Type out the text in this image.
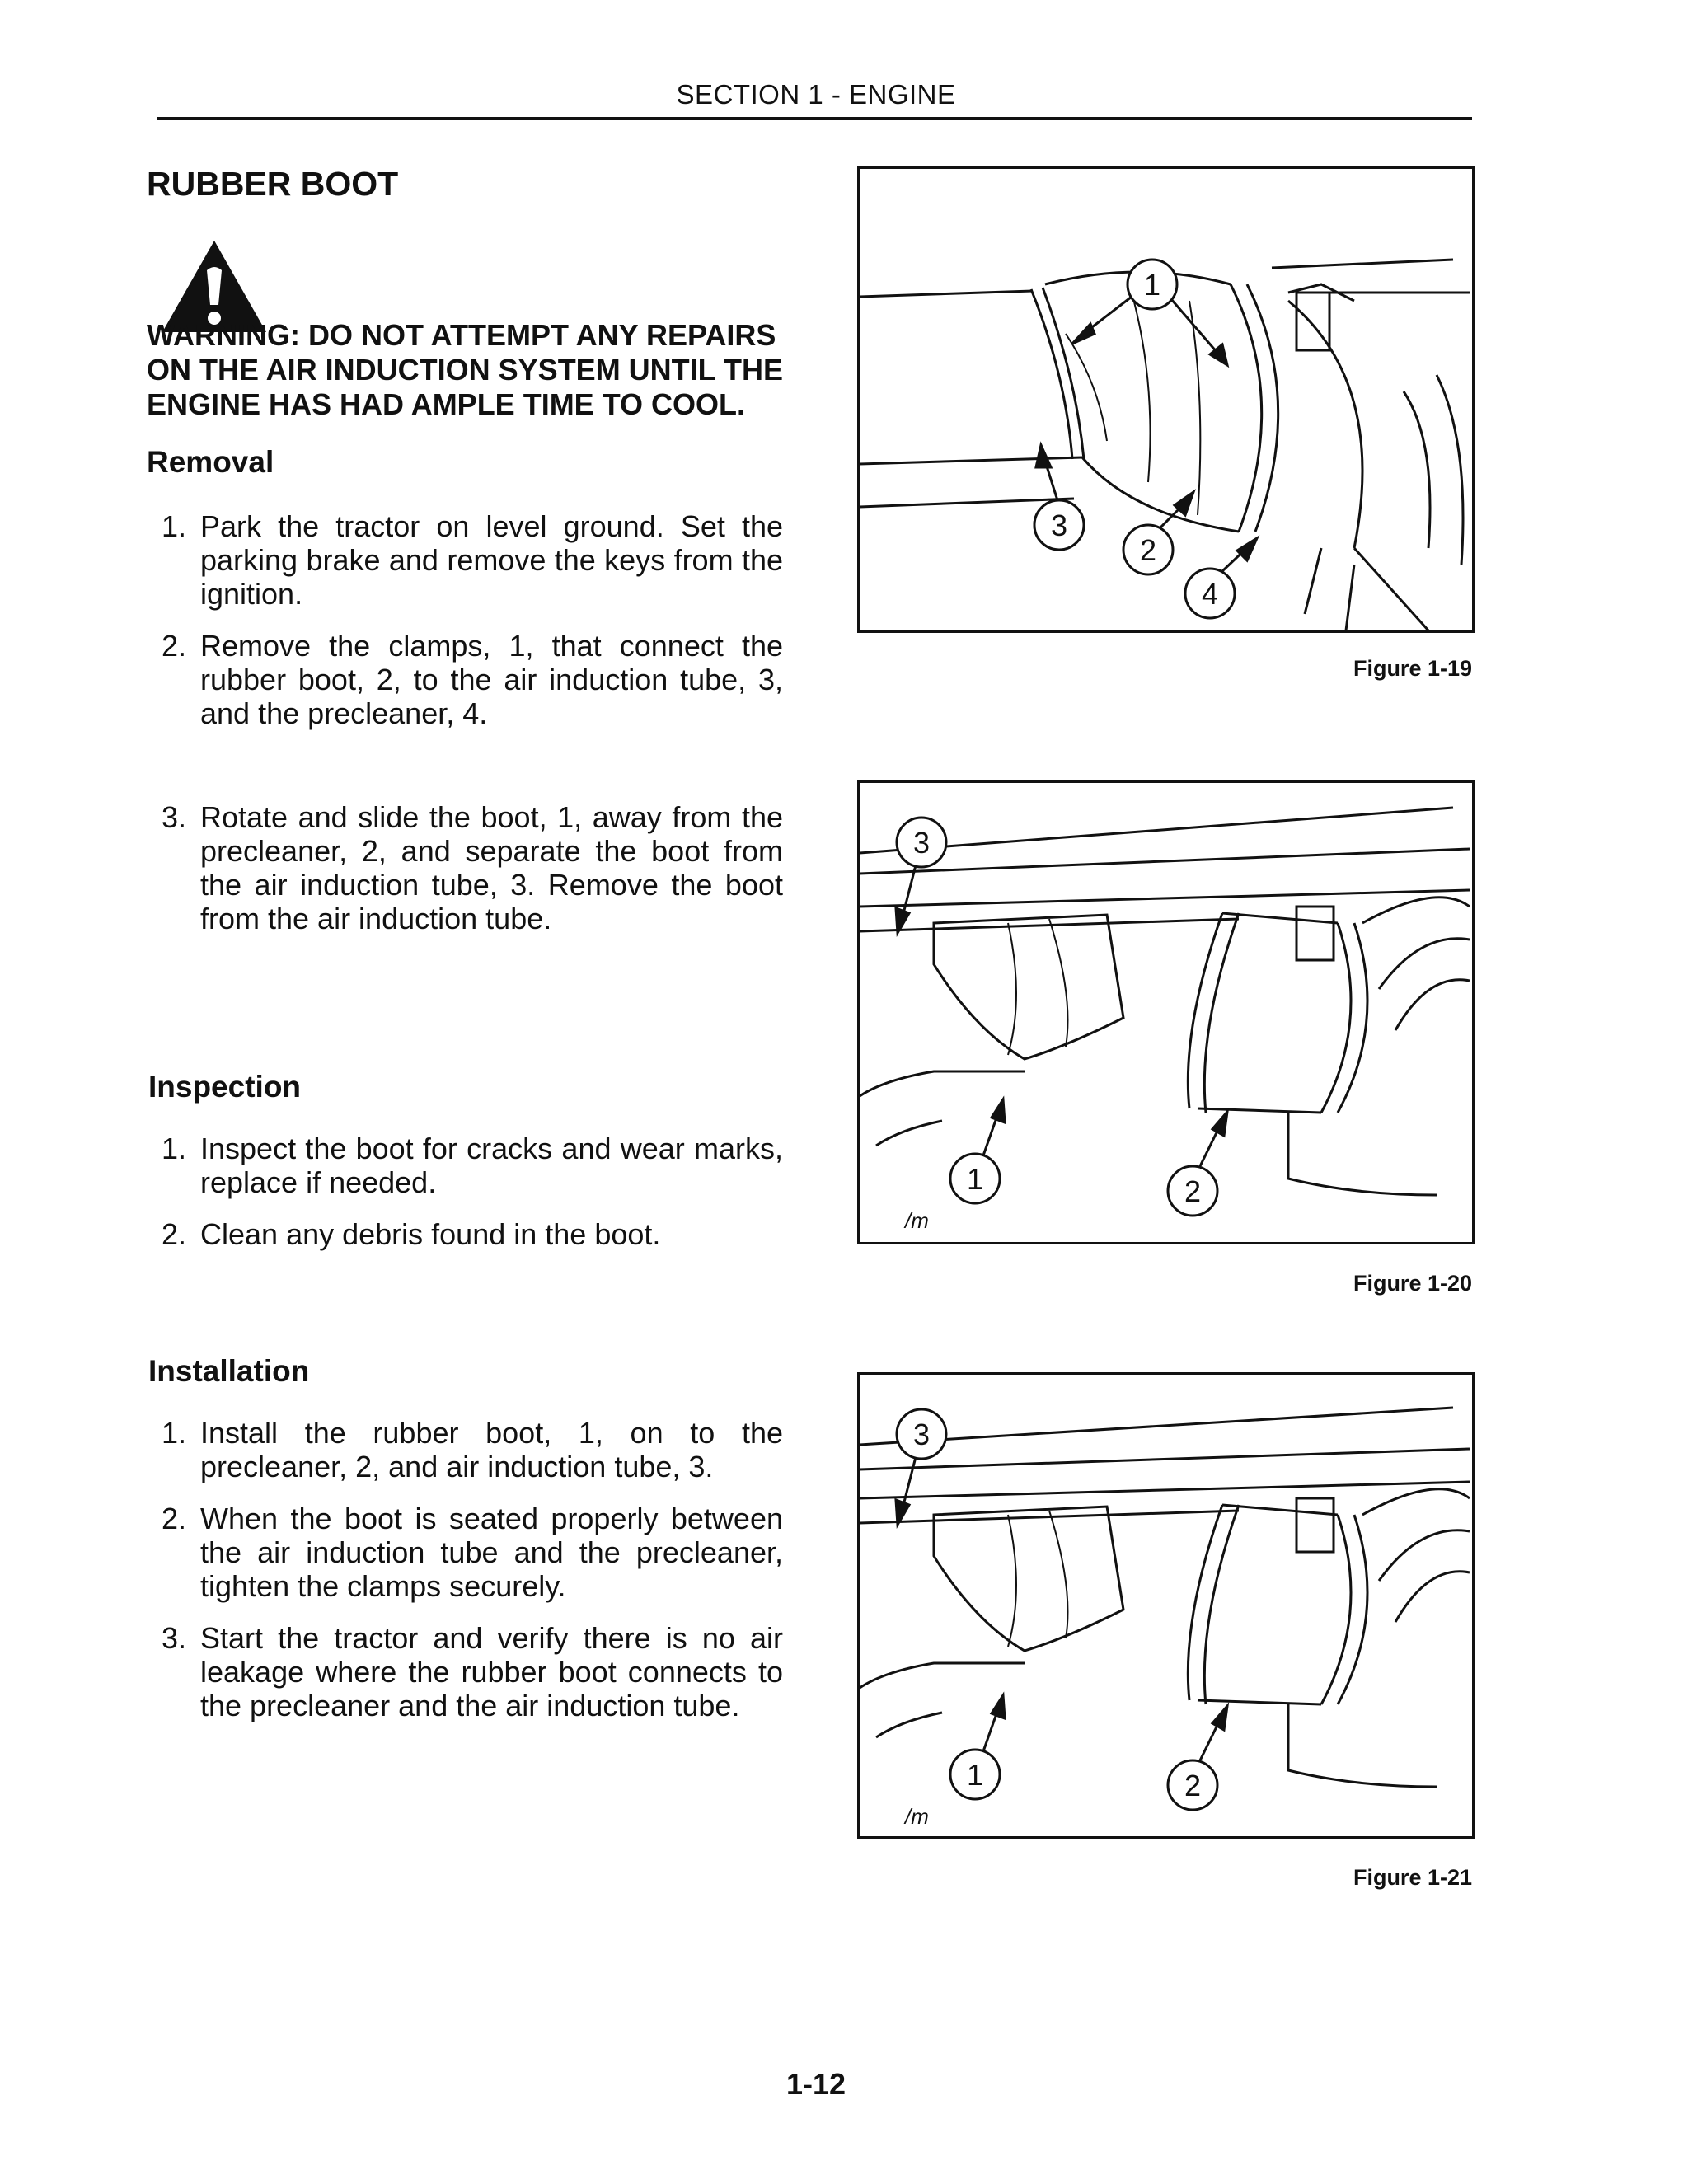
SECTION 1 - ENGINE
RUBBER BOOT
WARNING: DO NOT ATTEMPT ANY REPAIRS ON THE AIR INDUCTION SYSTEM UNTIL THE ENGINE HAS HAD AMPLE TIME TO COOL.
Removal
1. Park the tractor on level ground. Set the parking brake and remove the keys from the ignition.
2. Remove the clamps, 1, that connect the rubber boot, 2, to the air induction tube, 3, and the precleaner, 4.
3. Rotate and slide the boot, 1, away from the precleaner, 2, and separate the boot from the air induction tube, 3. Remove the boot from the air induction tube.
Inspection
1. Inspect the boot for cracks and wear marks, replace if needed.
2. Clean any debris found in the boot.
Installation
1. Install the rubber boot, 1, on to the precleaner, 2, and air induction tube, 3.
2. When the boot is seated properly between the air induction tube and the precleaner, tighten the clamps securely.
3. Start the tractor and verify there is no air leakage where the rubber boot connects to the precleaner and the air induction tube.
1
3
2
4
Figure 1-19
/m
3
1	2
Figure 1-20
/m
3
1	2
Figure 1-21
1-12
